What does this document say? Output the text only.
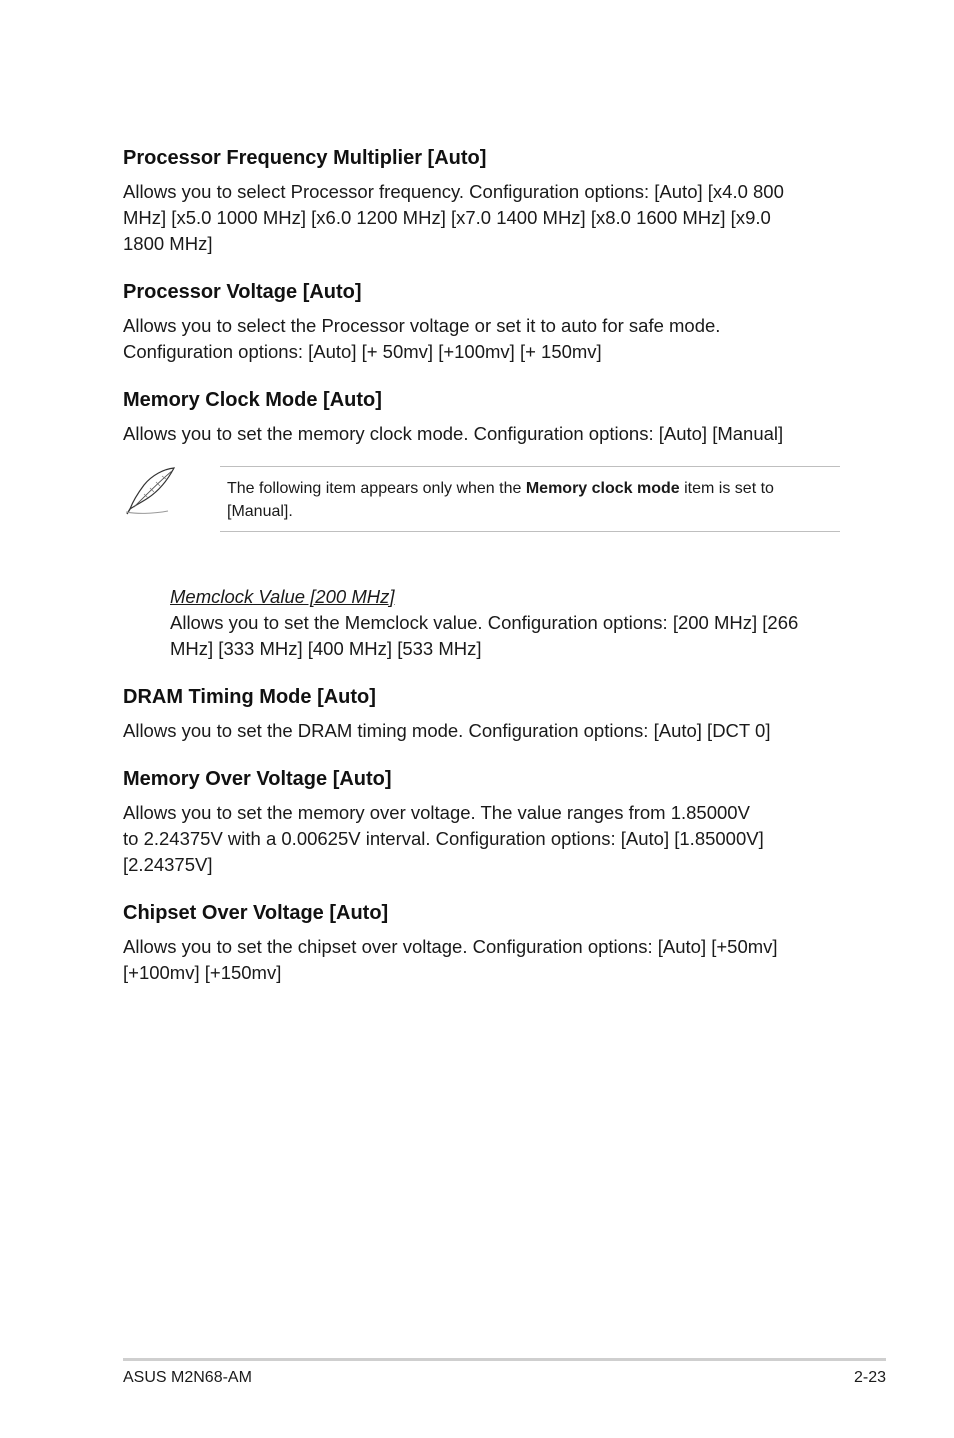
Processor Frequency Multiplier [Auto]
Allows you to select Processor frequency. Configuration options: [Auto] [x4.0 800
MHz] [x5.0 1000 MHz] [x6.0 1200 MHz] [x7.0 1400 MHz] [x8.0 1600 MHz] [x9.0
1800 MHz]
Processor Voltage [Auto]
Allows you to select the Processor voltage or set it to auto for safe mode.
Configuration options: [Auto] [+ 50mv] [+100mv] [+ 150mv]
Memory Clock Mode [Auto]
Allows you to set the memory clock mode. Configuration options: [Auto] [Manual]
The following item appears only when the Memory clock mode item is set to
[Manual].
Memclock Value [200 MHz]
Allows you to set the Memclock value. Configuration options: [200 MHz] [266
MHz] [333 MHz] [400 MHz] [533 MHz]
DRAM Timing Mode [Auto]
Allows you to set the DRAM timing mode. Configuration options: [Auto] [DCT 0]
Memory Over Voltage [Auto]
Allows you to set the memory over voltage. The value ranges from 1.85000V
to 2.24375V with a 0.00625V interval. Configuration options: [Auto] [1.85000V]
[2.24375V]
Chipset Over Voltage [Auto]
Allows you to set the chipset over voltage. Configuration options: [Auto] [+50mv]
[+100mv] [+150mv]
ASUS M2N68-AM	2-23
